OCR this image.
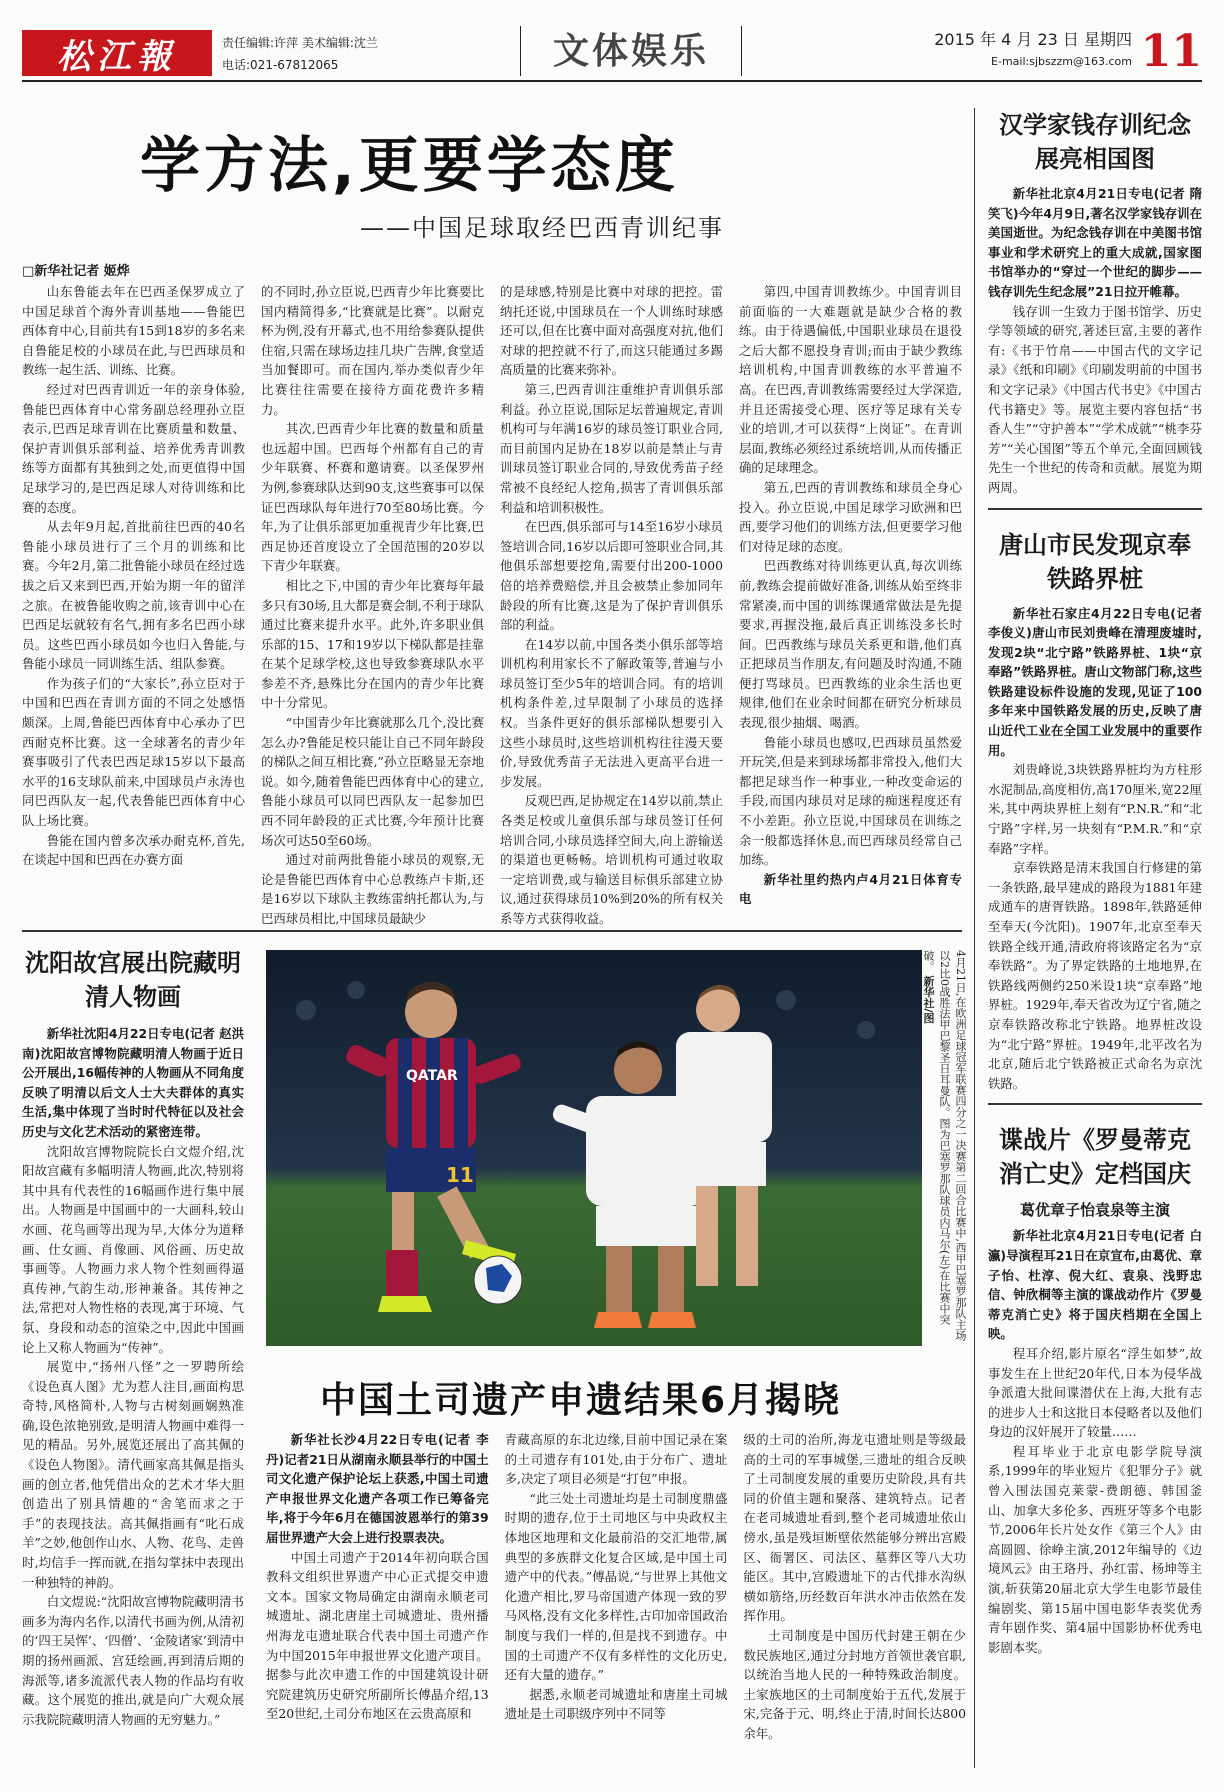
松江報	责任编辑:许萍 美术编辑:沈兰
电话:021-67812065	文体娱乐	2015 年 4 月 23 日 星期四
E-mail:sjbszzm@163.com 11
学方法,更要学态度
——中国足球取经巴西青训纪事
□新华社记者 姬烨

山东鲁能去年在巴西圣保罗成立了中国足球首个海外青训基地——鲁能巴西体育中心,目前共有15到18岁的多名来自鲁能足校的小球员在此,与巴西球员和教练一起生活、训练、比赛。

经过对巴西青训近一年的亲身体验,鲁能巴西体育中心常务副总经理孙立臣表示,巴西足球青训在比赛质量和数量、保护青训俱乐部利益、培养优秀青训教练等方面都有其独到之处,而更值得中国足球学习的,是巴西足球人对待训练和比赛的态度。

从去年9月起,首批前往巴西的40名鲁能小球员进行了三个月的训练和比赛。今年2月,第二批鲁能小球员在经过选拔之后又来到巴西,开始为期一年的留洋之旅。在被鲁能收购之前,该青训中心在巴西足坛就较有名气,拥有多名巴西小球员。这些巴西小球员如今也归入鲁能,与鲁能小球员一同训练生活、组队参赛。

作为孩子们的“大家长”,孙立臣对于中国和巴西在青训方面的不同之处感悟颇深。上周,鲁能巴西体育中心承办了巴西耐克杯比赛。这一全球著名的青少年赛事吸引了代表巴西足球15岁以下最高水平的16支球队前来,中国球员卢永涛也同巴西队友一起,代表鲁能巴西体育中心队上场比赛。

鲁能在国内曾多次承办耐克杯,首先,在谈起中国和巴西在办赛方面

的不同时,孙立臣说,巴西青少年比赛要比国内精简得多,“比赛就是比赛”。以耐克杯为例,没有开幕式,也不用给参赛队提供住宿,只需在球场边挂几块广告牌,食堂适当加餐即可。而在国内,举办类似青少年比赛往往需要在接待方面花费许多精力。

其次,巴西青少年比赛的数量和质量也远超中国。巴西每个州都有自己的青少年联赛、杯赛和邀请赛。以圣保罗州为例,参赛球队达到90支,这些赛事可以保证巴西球队每年进行70至80场比赛。今年,为了让俱乐部更加重视青少年比赛,巴西足协还首度设立了全国范围的20岁以下青少年联赛。

相比之下,中国的青少年比赛每年最多只有30场,且大都是赛会制,不利于球队通过比赛来提升水平。此外,许多职业俱乐部的15、17和19岁以下梯队都是挂靠在某个足球学校,这也导致参赛球队水平参差不齐,悬殊比分在国内的青少年比赛中十分常见。

“中国青少年比赛就那么几个,没比赛怎么办?鲁能足校只能让自己不同年龄段的梯队之间互相比赛,”孙立臣略显无奈地说。如今,随着鲁能巴西体育中心的建立,鲁能小球员可以同巴西队友一起参加巴西不同年龄段的正式比赛,今年预计比赛场次可达50至60场。

通过对前两批鲁能小球员的观察,无论是鲁能巴西体育中心总教练卢卡斯,还是16岁以下球队主教练雷纳托都认为,与巴西球员相比,中国球员最缺少

的是球感,特别是比赛中对球的把控。雷纳托还说,中国球员在一个人训练时球感还可以,但在比赛中面对高强度对抗,他们对球的把控就不行了,而这只能通过多踢高质量的比赛来弥补。

第三,巴西青训注重维护青训俱乐部利益。孙立臣说,国际足坛普遍规定,青训机构可与年满16岁的球员签订职业合同,而目前国内足协在18岁以前是禁止与青训球员签订职业合同的,导致优秀苗子经常被不良经纪人挖角,损害了青训俱乐部利益和培训积极性。

在巴西,俱乐部可与14至16岁小球员签培训合同,16岁以后即可签职业合同,其他俱乐部想要挖角,需要付出200-1000倍的培养费赔偿,并且会被禁止参加同年龄段的所有比赛,这是为了保护青训俱乐部的利益。

在14岁以前,中国各类小俱乐部等培训机构利用家长不了解政策等,普遍与小球员签订至少5年的培训合同。有的培训机构条件差,过早限制了小球员的选择权。当条件更好的俱乐部梯队想要引入这些小球员时,这些培训机构往往漫天要价,导致优秀苗子无法进入更高平台进一步发展。

反观巴西,足协规定在14岁以前,禁止各类足校或儿童俱乐部与球员签订任何培训合同,小球员选择空间大,向上游输送的渠道也更畅畅。培训机构可通过收取一定培训费,或与输送目标俱乐部建立协议,通过获得球员10%到20%的所有权关系等方式获得收益。

第四,中国青训教练少。中国青训目前面临的一大难题就是缺少合格的教练。由于待遇偏低,中国职业球员在退役之后大都不愿投身青训;而由于缺少教练培训机构,中国青训教练的水平普遍不高。在巴西,青训教练需要经过大学深造,并且还需接受心理、医疗等足球有关专业的培训,才可以获得“上岗证”。在青训层面,教练必须经过系统培训,从而传播正确的足球理念。

第五,巴西的青训教练和球员全身心投入。孙立臣说,中国足球学习欧洲和巴西,要学习他们的训练方法,但更要学习他们对待足球的态度。

巴西教练对待训练更认真,每次训练前,教练会提前做好准备,训练从始至终非常紧凑,而中国的训练课通常做法是先提要求,再握没拖,最后真正训练没多长时间。巴西教练与球员关系更和谐,他们真正把球员当作朋友,有问题及时沟通,不随便打骂球员。巴西教练的业余生活也更规律,他们在业余时间都在研究分析球员表现,很少抽烟、喝酒。

鲁能小球员也感叹,巴西球员虽然爱开玩笑,但是来到球场都非常投入,他们大都把足球当作一种事业,一种改变命运的手段,而国内球员对足球的痴迷程度还有不小差距。孙立臣说,中国球员在训练之余一般都选择休息,而巴西球员经常自己加练。

新华社里约热内卢4月21日体育专电

汉学家钱存训纪念展亮相国图

新华社北京4月21日专电(记者 隋笑飞)今年4月9日,著名汉学家钱存训在美国逝世。为纪念钱存训在中美图书馆事业和学术研究上的重大成就,国家图书馆举办的“穿过一个世纪的脚步——钱存训先生纪念展”21日拉开帷幕。

钱存训一生致力于图书馆学、历史学等领域的研究,著述巨富,主要的著作有:《书于竹帛——中国古代的文字记录》《纸和印刷》《印刷发明前的中国书和文字记录》《中国古代书史》《中国古代书籍史》等。展览主要内容包括“书香人生”“守护善本”“学术成就”“桃李芬芳”“关心国图”等五个单元,全面回顾钱先生一个世纪的传奇和贡献。展览为期两周。

唐山市民发现京奉铁路界桩

新华社石家庄4月22日专电(记者 李俊义)唐山市民刘贵峰在清理废墟时,发现2块“北宁路”铁路界桩、1块“京奉路”铁路界桩。唐山文物部门称,这些铁路建设标件设施的发现,见证了100多年来中国铁路发展的历史,反映了唐山近代工业在全国工业发展中的重要作用。

刘贵峰说,3块铁路界桩均为方柱形水泥制品,高度相仿,高170厘米,宽22厘米,其中两块界桩上刻有“P.N.R.”和“北宁路”字样,另一块刻有“P.M.R.”和“京奉路”字样。

京奉铁路是清末我国自行修建的第一条铁路,最早建成的路段为1881年建成通车的唐胥铁路。1898年,铁路延伸至奉天(今沈阳)。1907年,北京至奉天铁路全线开通,清政府将该路定名为“京奉铁路”。为了界定铁路的土地地界,在铁路线两侧约250米设1块“京奉路”地界桩。1929年,奉天省改为辽宁省,随之京奉铁路改称北宁铁路。地界桩改设为“北宁路”界桩。1949年,北平改名为北京,随后北宁铁路被正式命名为京沈铁路。

谍战片《罗曼蒂克消亡史》定档国庆
葛优章子怡袁泉等主演

新华社北京4月21日专电(记者 白瀛)导演程耳21日在京宣布,由葛优、章子怡、杜淳、倪大红、袁泉、浅野忠信、钟欣桐等主演的谍战动作片《罗曼蒂克消亡史》将于国庆档期在全国上映。

程耳介绍,影片原名“浮生如梦”,故事发生在上世纪20年代,日本为侵华战争派遣大批间谍潜伏在上海,大批有志的进步人士和这批日本侵略者以及他们身边的汉奸展开了较量……

程耳毕业于北京电影学院导演系,1999年的毕业短片《犯罪分子》就曾入围法国克莱蒙-费朗德、韩国釜山、加拿大多伦多、西班牙等多个电影节,2006年长片处女作《第三个人》由高圆圆、徐峥主演,2012年编导的《边境风云》由王珞丹、孙红雷、杨坤等主演,斩获第20届北京大学生电影节最佳编剧奖、第15届中国电影华表奖优秀青年剧作奖、第4届中国影协杯优秀电影剧本奖。

沈阳故宫展出院藏明清人物画

新华社沈阳4月22日专电(记者 赵洪南)沈阳故宫博物院藏明清人物画于近日公开展出,16幅传神的人物画从不同角度反映了明清以后文人士大夫群体的真实生活,集中体现了当时时代特征以及社会历史与文化艺术活动的紧密连带。

沈阳故宫博物院院长白文煜介绍,沈阳故宫藏有多幅明清人物画,此次,特别将其中具有代表性的16幅画作进行集中展出。人物画是中国画中的一大画科,较山水画、花鸟画等出现为早,大体分为道释画、仕女画、肖像画、风俗画、历史故事画等。人物画力求人物个性刻画得逼真传神,气韵生动,形神兼备。其传神之法,常把对人物性格的表现,寓于环境、气氛、身段和动态的渲染之中,因此中国画论上又称人物画为“传神”。

展览中,“扬州八怪”之一罗聘所绘《设色真人图》尤为惹人注目,画面构思奇特,风格简朴,人物与古树刻画娴熟准确,设色浓艳别致,是明清人物画中难得一见的精品。另外,展览还展出了高其佩的《设色人物图》。清代画家高其佩是指头画的创立者,他凭借出众的艺术才华大胆创造出了别具情趣的“舍笔而求之于手”的表现技法。高其佩指画有“叱石成羊”之妙,他创作山水、人物、花鸟、走兽时,均信手一挥而就,在指勾掌抹中表现出一种独特的神韵。

白文煜说:“沈阳故宫博物院藏明清书画多为海内名作,以清代书画为例,从清初的‘四王吴恽’、‘四僧’、‘金陵诸家’到清中期的扬州画派、宫廷绘画,再到清后期的海派等,诸多流派代表人物的作品均有收藏。这个展览的推出,就是向广大观众展示我院院藏明清人物画的无穷魅力。”

QATAR
11	4月21日,在欧洲足球冠军联赛四分之一决赛第二回合比赛中,西甲巴塞罗那队主场以2比0战胜法甲巴黎圣日耳曼队。图为巴塞罗那队球员内马尔(左)在比赛中突破。 新华社/图
中国土司遗产申遗结果6月揭晓

新华社长沙4月22日专电(记者 李丹)记者21日从湖南永顺县举行的中国土司文化遗产保护论坛上获悉,中国土司遗产申报世界文化遗产各项工作已筹备完毕,将于今年6月在德国波恩举行的第39届世界遗产大会上进行投票表决。

中国土司遗产于2014年初向联合国教科文组织世界遗产中心正式提交申遗文本。国家文物局确定由湖南永顺老司城遗址、湖北唐崖土司城遗址、贵州播州海龙屯遗址联合代表中国土司遗产作为中国2015年申报世界文化遗产项目。据参与此次申遗工作的中国建筑设计研究院建筑历史研究所副所长傅晶介绍,13至20世纪,土司分布地区在云贵高原和

青藏高原的东北边缘,目前中国记录在案的土司遗存有101处,由于分布广、遗址多,决定了项目必须是“打包”申报。

“此三处土司遗址均是土司制度鼎盛时期的遗存,位于土司地区与中央政权主体地区地理和文化最前沿的交汇地带,属典型的多族群文化复合区域,是中国土司遗产中的代表。”傅晶说,“与世界上其他文化遗产相比,罗马帝国遗产体现一致的罗马风格,没有文化多样性,古印加帝国政治制度与我们一样的,但是找不到遗存。中国的土司遗产不仅有多样性的文化历史,还有大量的遗存。”

据悉,永顺老司城遗址和唐崖土司城遗址是土司职级序列中不同等

级的土司的治所,海龙屯遗址则是等级最高的土司的军事城堡,三遗址的组合反映了土司制度发展的重要历史阶段,具有共同的价值主题和聚落、建筑特点。记者在老司城遗址看到,整个老司城遗址依山傍水,虽是残垣断壁依然能够分辨出宫殿区、衙署区、司法区、墓葬区等八大功能区。其中,宫殿遗址下的古代排水沟纵横如筋络,历经数百年洪水冲击依然在发挥作用。

土司制度是中国历代封建王朝在少数民族地区,通过分封地方首领世袭官职,以统治当地人民的一种特殊政治制度。土家族地区的土司制度始于五代,发展于宋,完备于元、明,终止于清,时间长达800余年。
